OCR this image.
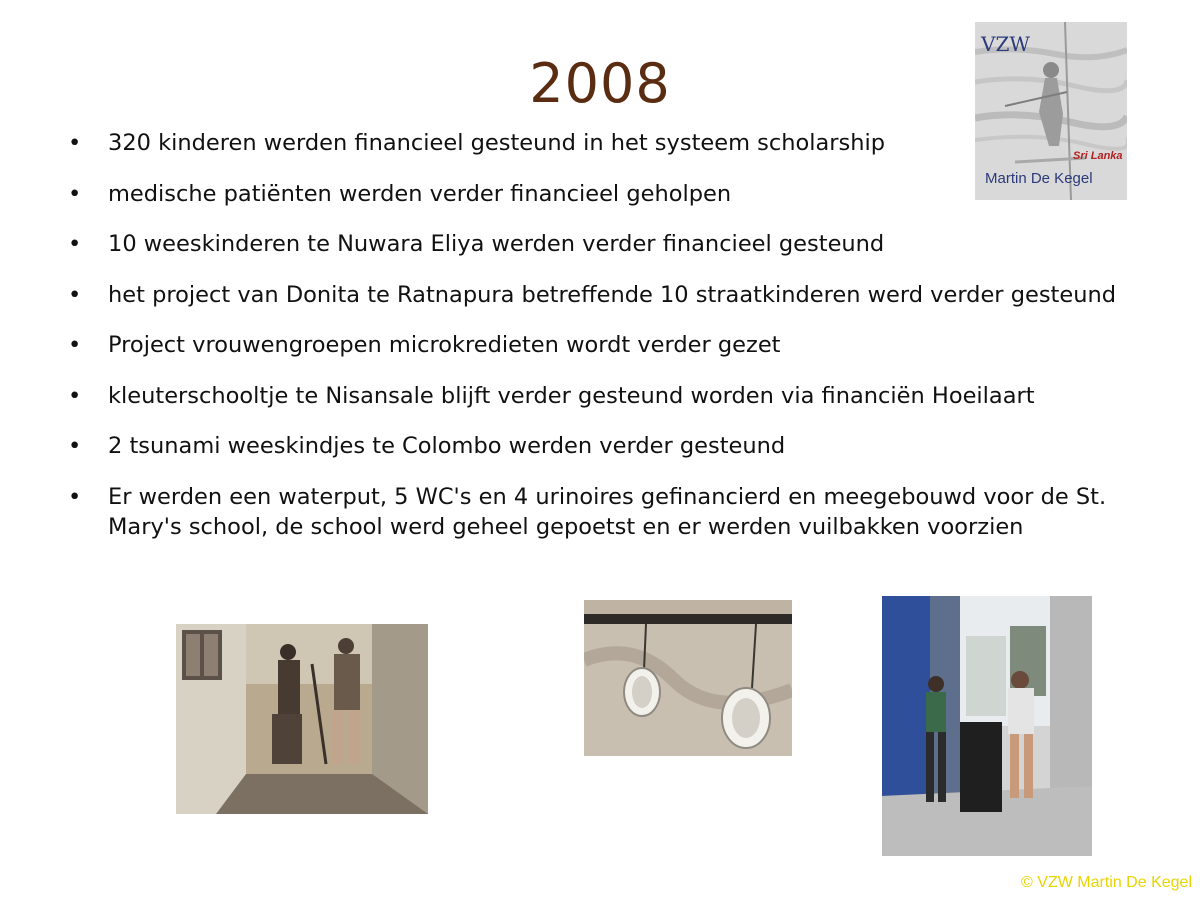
2008
VZW
Sri Lanka
Martin De Kegel
• 320 kinderen werden financieel gesteund in het systeem scholarship
• medische patiënten werden verder financieel geholpen
• 10 weeskinderen te Nuwara Eliya werden verder financieel gesteund
• het project van Donita te Ratnapura betreffende 10 straatkinderen werd verder gesteund
• Project vrouwengroepen microkredieten wordt verder gezet
• kleuterschooltje te Nisansale blijft verder gesteund worden via financiën Hoeilaart
• 2 tsunami weeskindjes te Colombo werden verder gesteund
• Er werden een waterput, 5 WC's en 4 urinoires gefinancierd en meegebouwd voor de St. Mary's school, de school werd geheel gepoetst en er werden vuilbakken voorzien
© VZW Martin De Kegel
